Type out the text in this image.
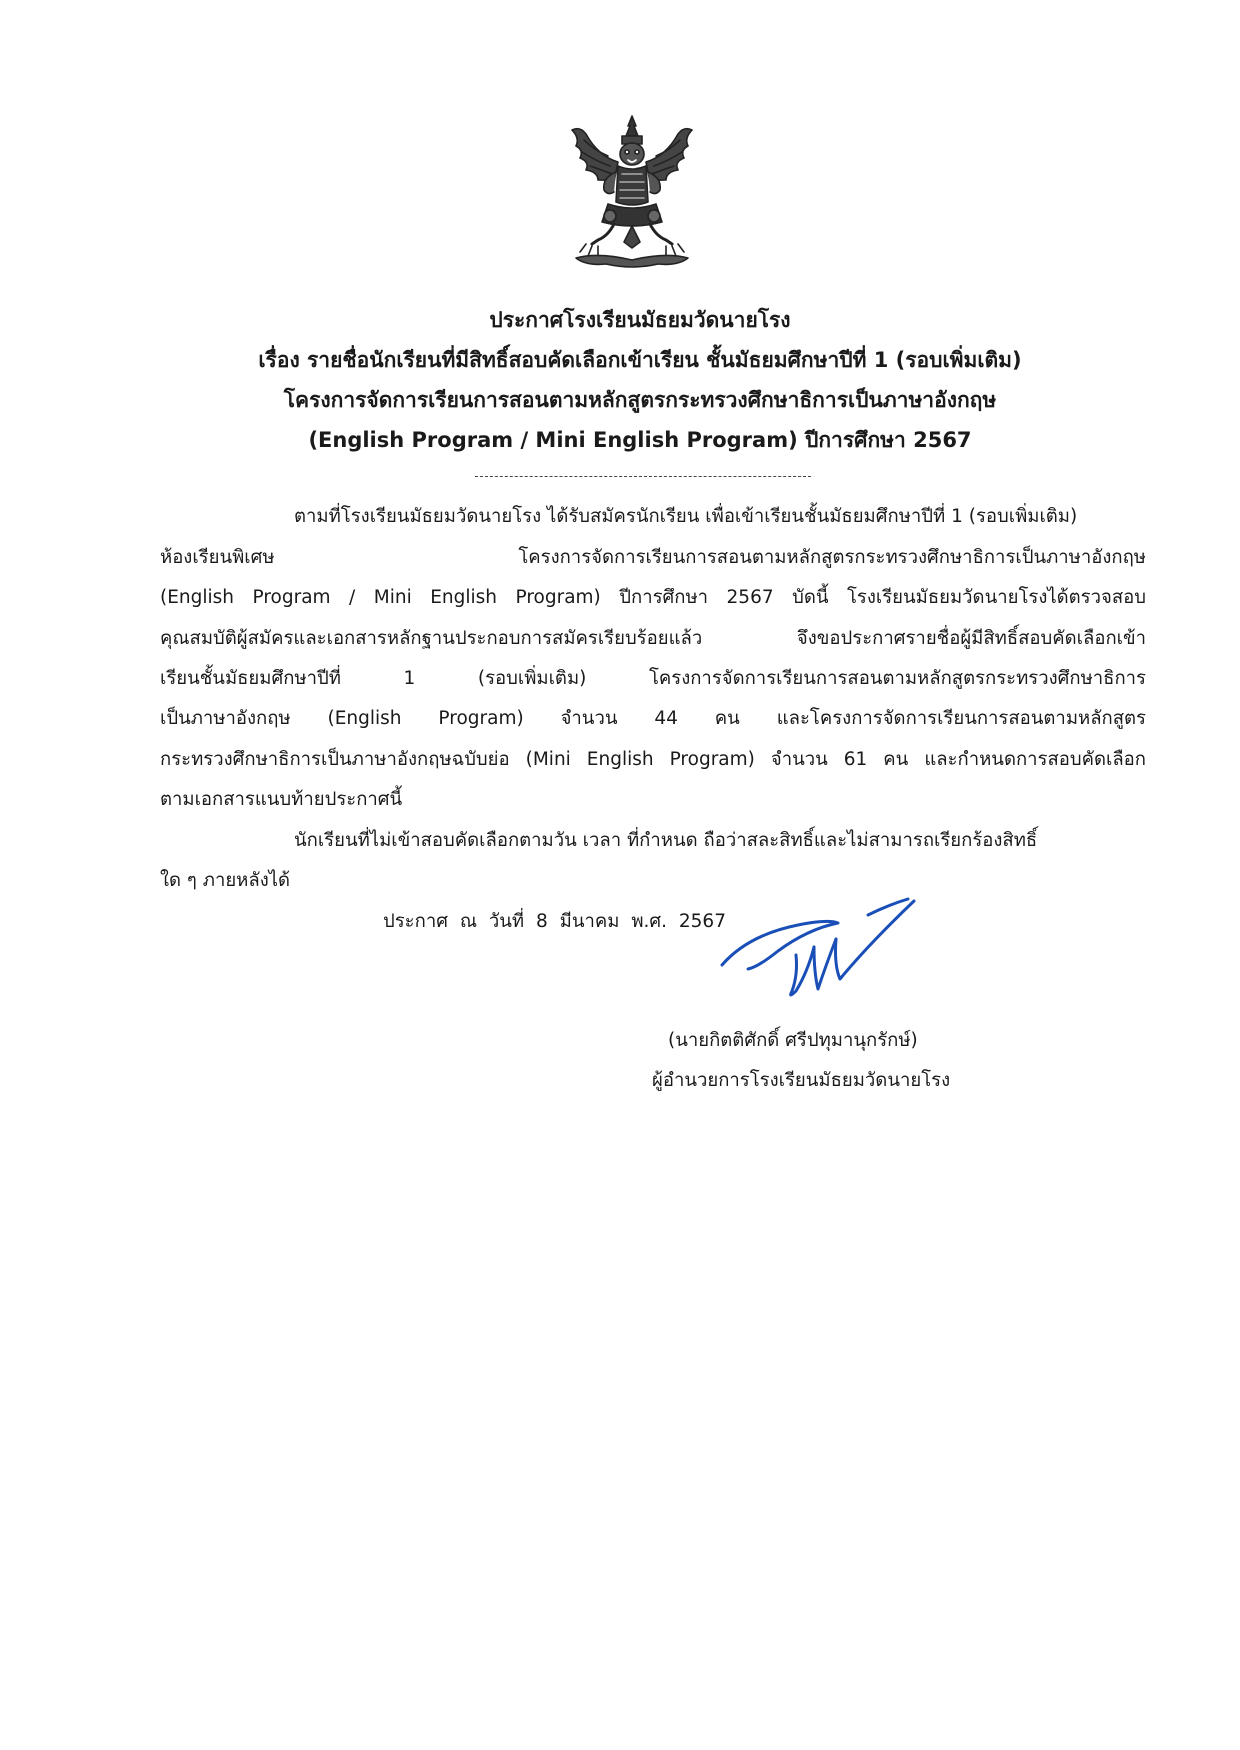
ประกาศโรงเรียนมัธยมวัดนายโรง
เรื่อง รายชื่อนักเรียนที่มีสิทธิ์สอบคัดเลือกเข้าเรียน ชั้นมัธยมศึกษาปีที่ 1 (รอบเพิ่มเติม)
โครงการจัดการเรียนการสอนตามหลักสูตรกระทรวงศึกษาธิการเป็นภาษาอังกฤษ
(English Program / Mini English Program) ปีการศึกษา 2567
ตามที่โรงเรียนมัธยมวัดนายโรง ได้รับสมัครนักเรียน เพื่อเข้าเรียนชั้นมัธยมศึกษาปีที่ 1 (รอบเพิ่มเติม)
ห้องเรียนพิเศษ โครงการจัดการเรียนการสอนตามหลักสูตรกระทรวงศึกษาธิการเป็นภาษาอังกฤษ
(English Program / Mini English Program) ปีการศึกษา 2567 บัดนี้ โรงเรียนมัธยมวัดนายโรงได้ตรวจสอบ
คุณสมบัติผู้สมัครและเอกสารหลักฐานประกอบการสมัครเรียบร้อยแล้ว จึงขอประกาศรายชื่อผู้มีสิทธิ์สอบคัดเลือกเข้า
เรียนชั้นมัธยมศึกษาปีที่ 1 (รอบเพิ่มเติม) โครงการจัดการเรียนการสอนตามหลักสูตรกระทรวงศึกษาธิการ
เป็นภาษาอังกฤษ (English Program) จำนวน 44 คน และโครงการจัดการเรียนการสอนตามหลักสูตร
กระทรวงศึกษาธิการเป็นภาษาอังกฤษฉบับย่อ (Mini English Program) จำนวน 61 คน และกำหนดการสอบคัดเลือก
ตามเอกสารแนบท้ายประกาศนี้
นักเรียนที่ไม่เข้าสอบคัดเลือกตามวัน เวลา ที่กำหนด ถือว่าสละสิทธิ์และไม่สามารถเรียกร้องสิทธิ์
ใด ๆ ภายหลังได้
ประกาศ ณ วันที่ 8 มีนาคม พ.ศ. 2567
(นายกิตติศักดิ์ ศรีปทุมานุกรักษ์)
ผู้อำนวยการโรงเรียนมัธยมวัดนายโรง
